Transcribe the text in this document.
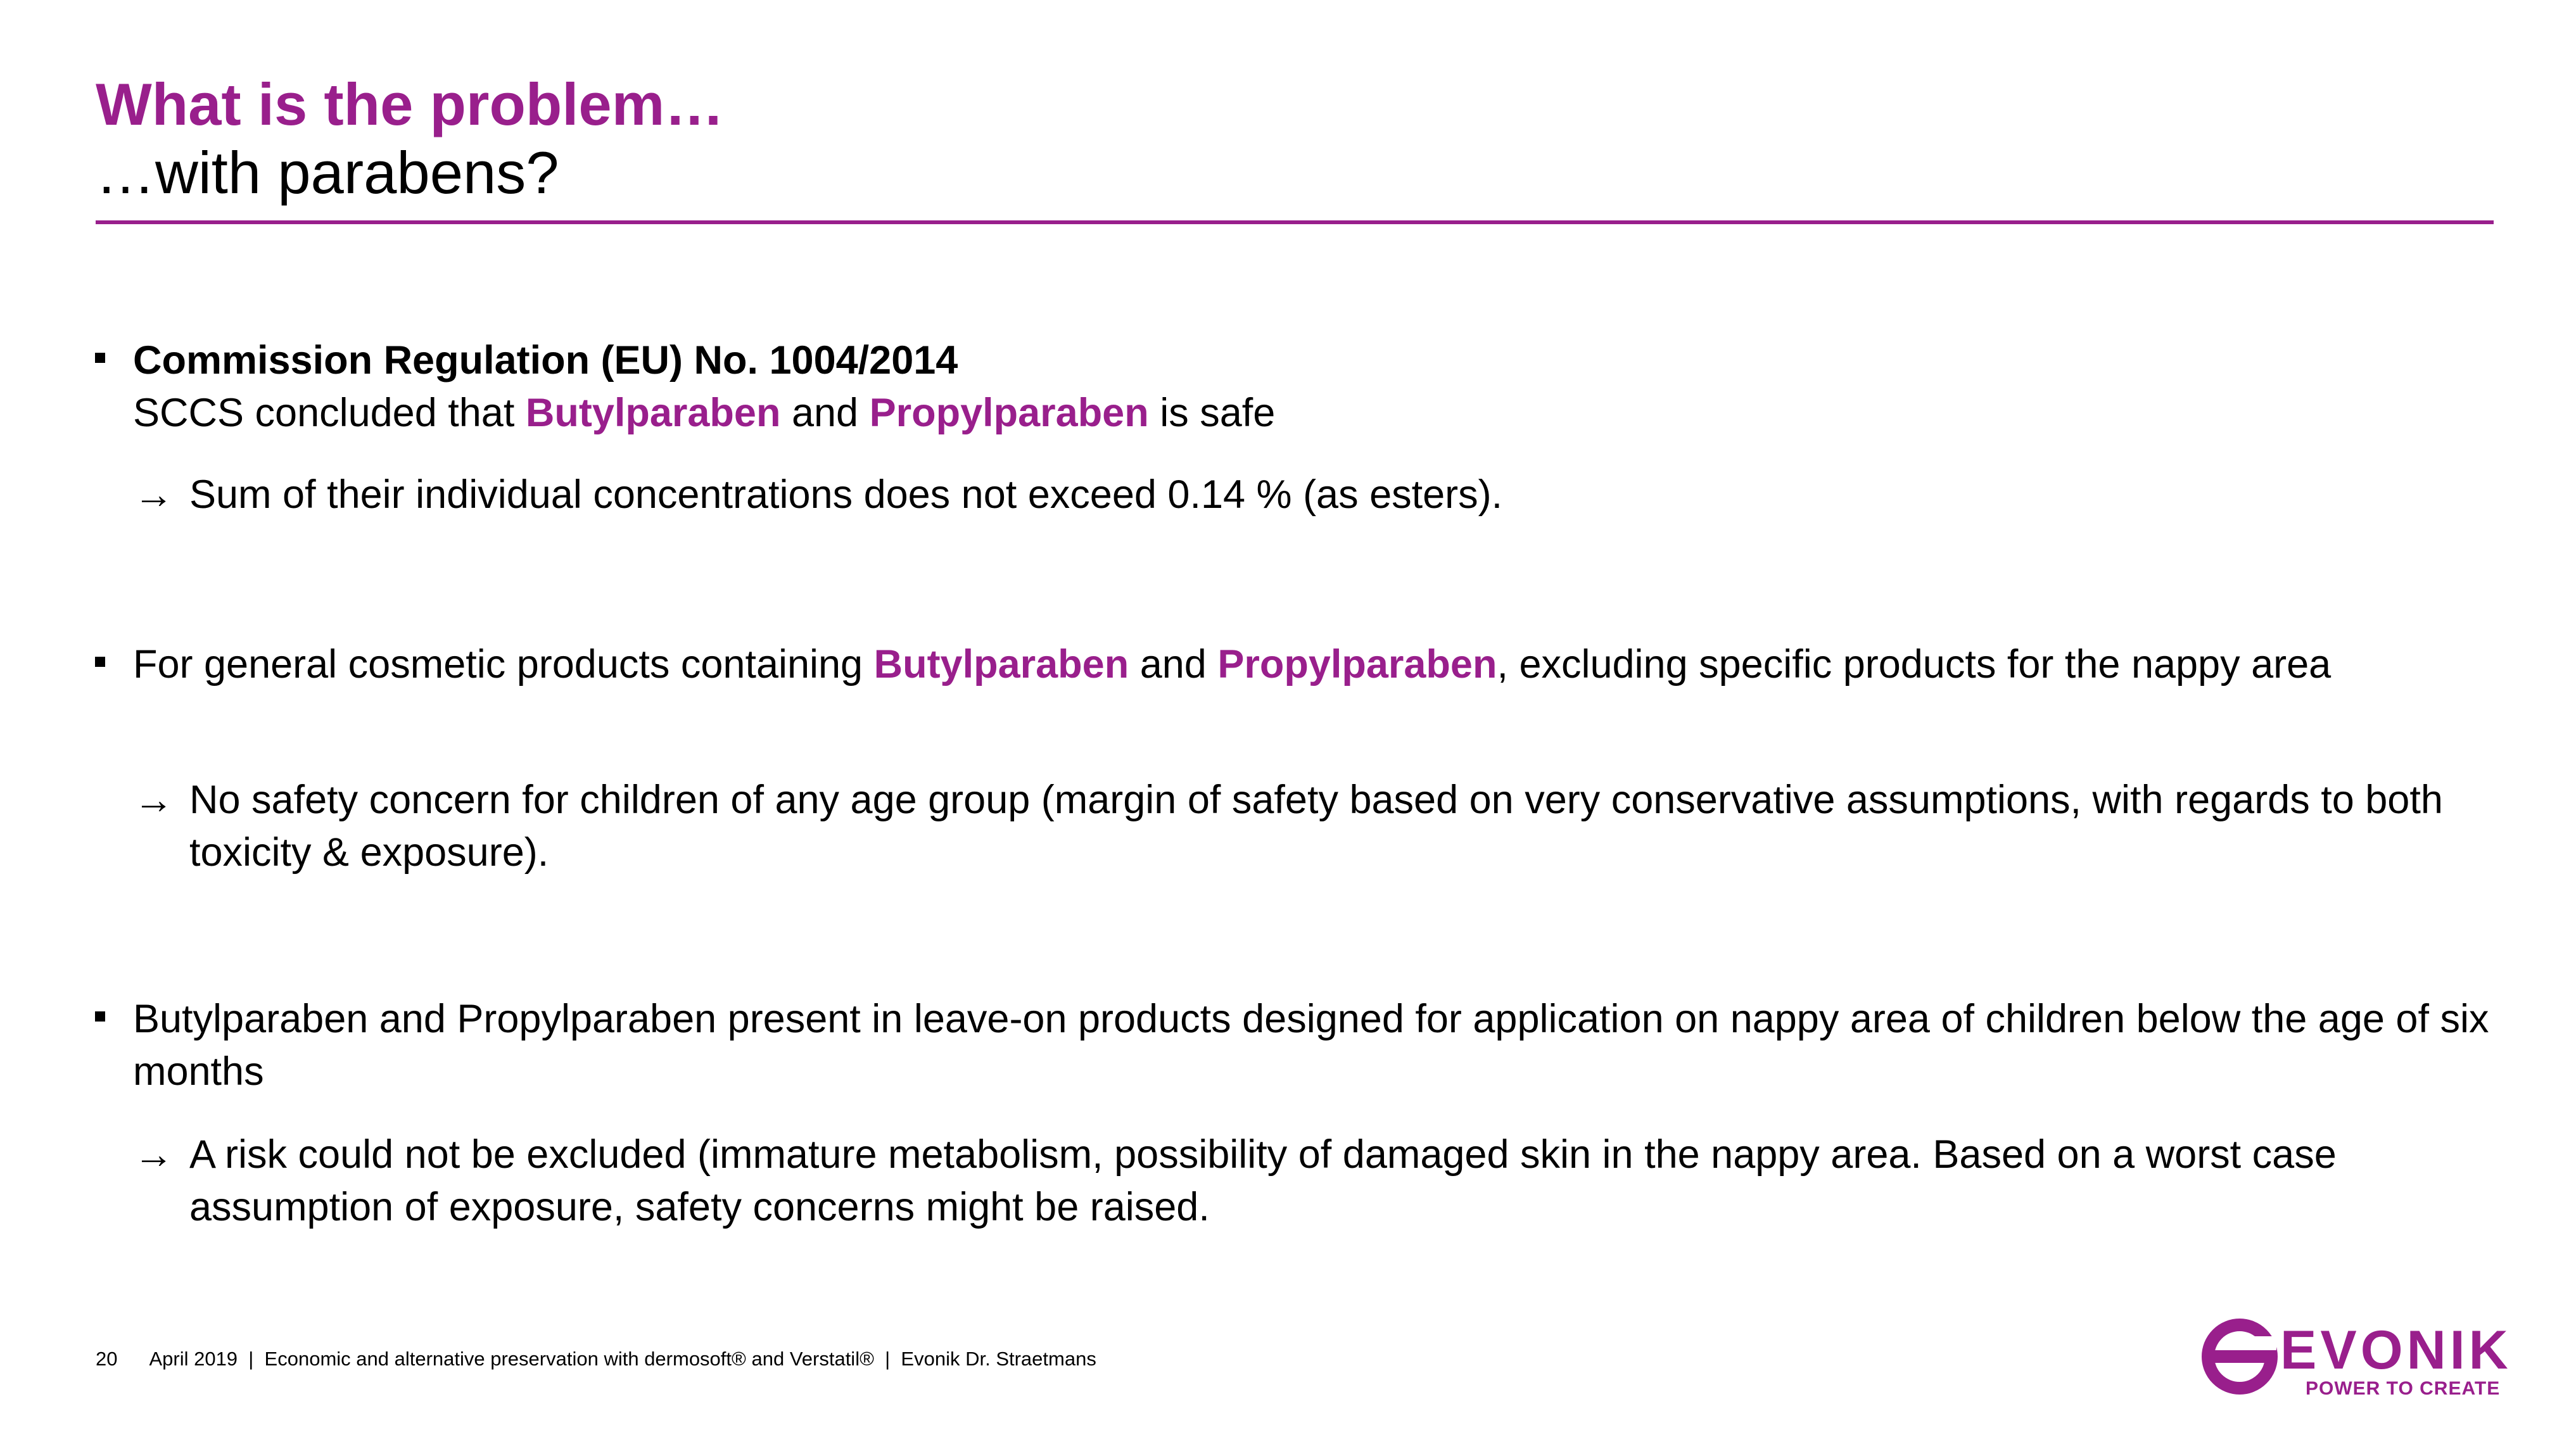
What is the problem…
…with parabens?
Commission Regulation (EU) No. 1004/2014
SCCS concluded that Butylparaben and Propylparaben is safe
→ Sum of their individual concentrations does not exceed 0.14 % (as esters).
For general cosmetic products containing Butylparaben and Propylparaben, excluding specific products for the nappy area
→ No safety concern for children of any age group (margin of safety based on very conservative assumptions, with regards to both toxicity & exposure).
Butylparaben and Propylparaben present in leave-on products designed for application on nappy area of children below the age of six months
→ A risk could not be excluded (immature metabolism, possibility of damaged skin in the nappy area. Based on a worst case assumption of exposure, safety concerns might be raised.
20 April 2019  |  Economic and alternative preservation with dermosoft® and Verstatil®  |  Evonik Dr. Straetmans	EVONIK
POWER TO CREATE
